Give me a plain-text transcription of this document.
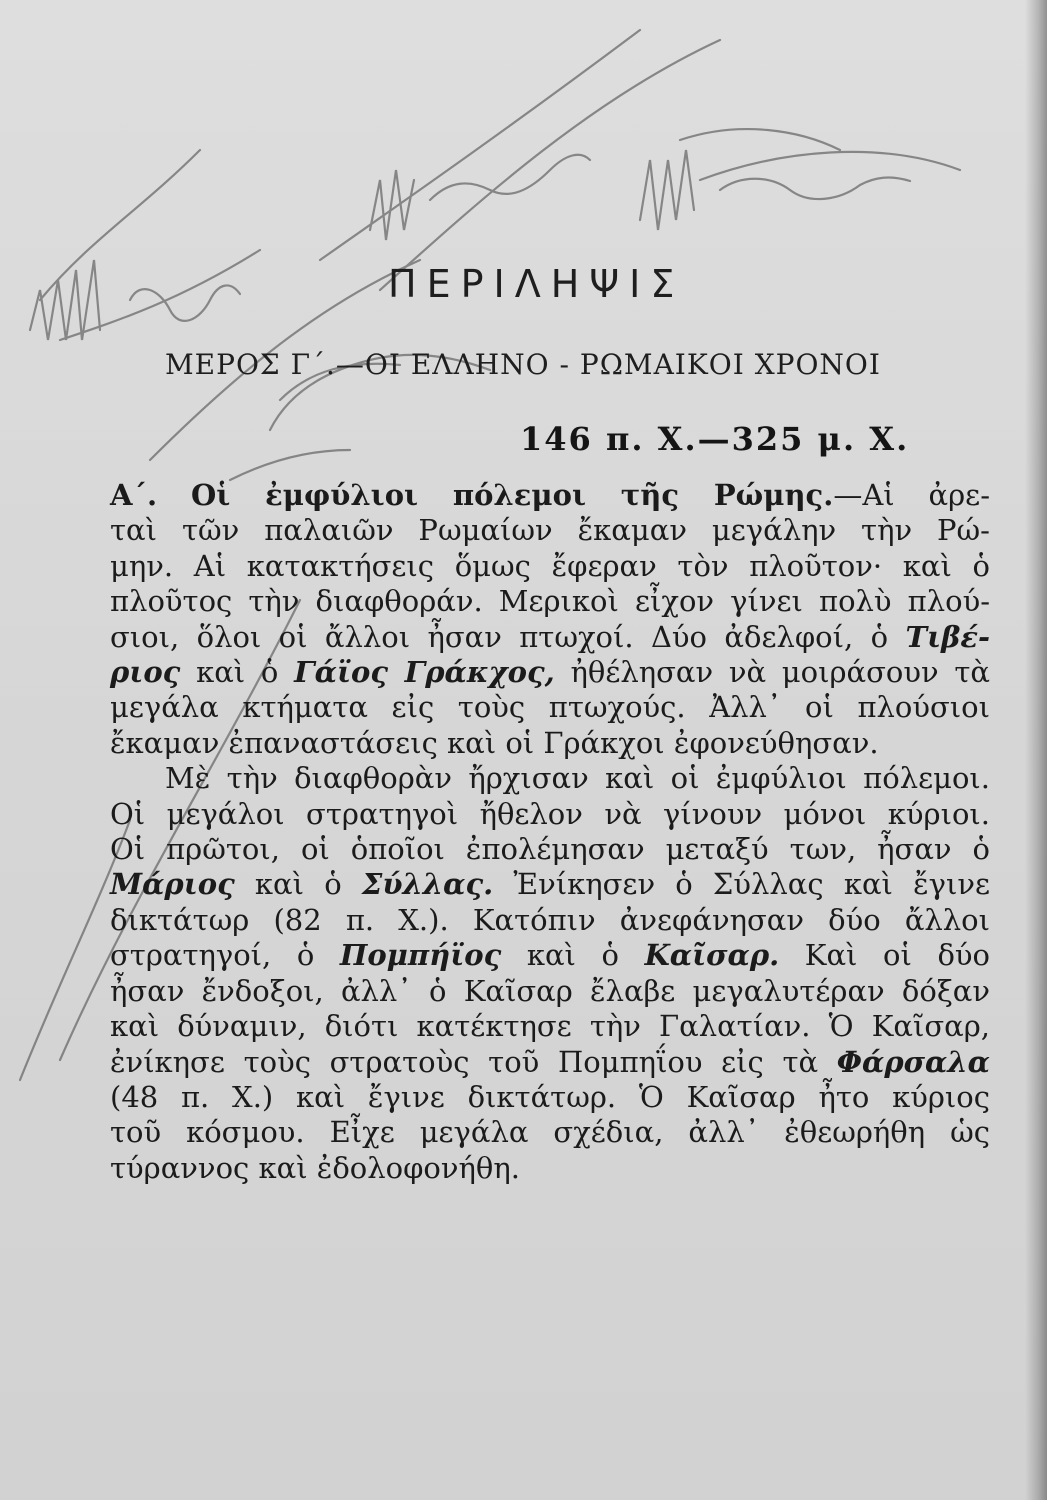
ΠΕΡΙΛΗΨΙΣ
ΜΕΡΟΣ Γ΄.—ΟΙ ΕΛΛΗΝΟ - ΡΩΜΑΙΚΟΙ ΧΡΟΝΟΙ
146 π. Χ.—325 μ. Χ.
Α΄. Οἱ ἐμφύλιοι πόλεμοι τῆς Ρώμης.—Αἱ ἀρε-
ταὶ τῶν παλαιῶν Ρωμαίων ἔκαμαν μεγάλην τὴν Ρώ-
μην. Αἱ κατακτήσεις ὅμως ἔφεραν τὸν πλοῦτον· καὶ ὁ
πλοῦτος τὴν διαφθοράν. Μερικοὶ εἶχον γίνει πολὺ πλού-
σιοι, ὅλοι οἱ ἄλλοι ἦσαν πτωχοί. Δύο ἀδελφοί, ὁ Τιβέ-
ριος καὶ ὁ Γάϊος Γράκχος, ἠθέλησαν νὰ μοιράσουν τὰ
μεγάλα κτήματα εἰς τοὺς πτωχούς. Ἀλλ᾽ οἱ πλούσιοι
ἔκαμαν ἐπαναστάσεις καὶ οἱ Γράκχοι ἐφονεύθησαν.
Μὲ τὴν διαφθορὰν ἤρχισαν καὶ οἱ ἐμφύλιοι πόλεμοι.
Οἱ μεγάλοι στρατηγοὶ ἤθελον νὰ γίνουν μόνοι κύριοι.
Οἱ πρῶτοι, οἱ ὁποῖοι ἐπολέμησαν μεταξύ των, ἦσαν ὁ
Μάριος καὶ ὁ Σύλλας. Ἐνίκησεν ὁ Σύλλας καὶ ἔγινε
δικτάτωρ (82 π. Χ.). Κατόπιν ἀνεφάνησαν δύο ἄλλοι
στρατηγοί, ὁ Πομπήϊος καὶ ὁ Καῖσαρ. Καὶ οἱ δύο
ἦσαν ἔνδοξοι, ἀλλ᾽ ὁ Καῖσαρ ἔλαβε μεγαλυτέραν δόξαν
καὶ δύναμιν, διότι κατέκτησε τὴν Γαλατίαν. Ὁ Καῖσαρ,
ἐνίκησε τοὺς στρατοὺς τοῦ Πομπηΐου εἰς τὰ Φάρσαλα
(48 π. Χ.) καὶ ἔγινε δικτάτωρ. Ὁ Καῖσαρ ἦτο κύριος
τοῦ κόσμου. Εἶχε μεγάλα σχέδια, ἀλλ᾽ ἐθεωρήθη ὡς
τύραννος καὶ ἐδολοφονήθη.
